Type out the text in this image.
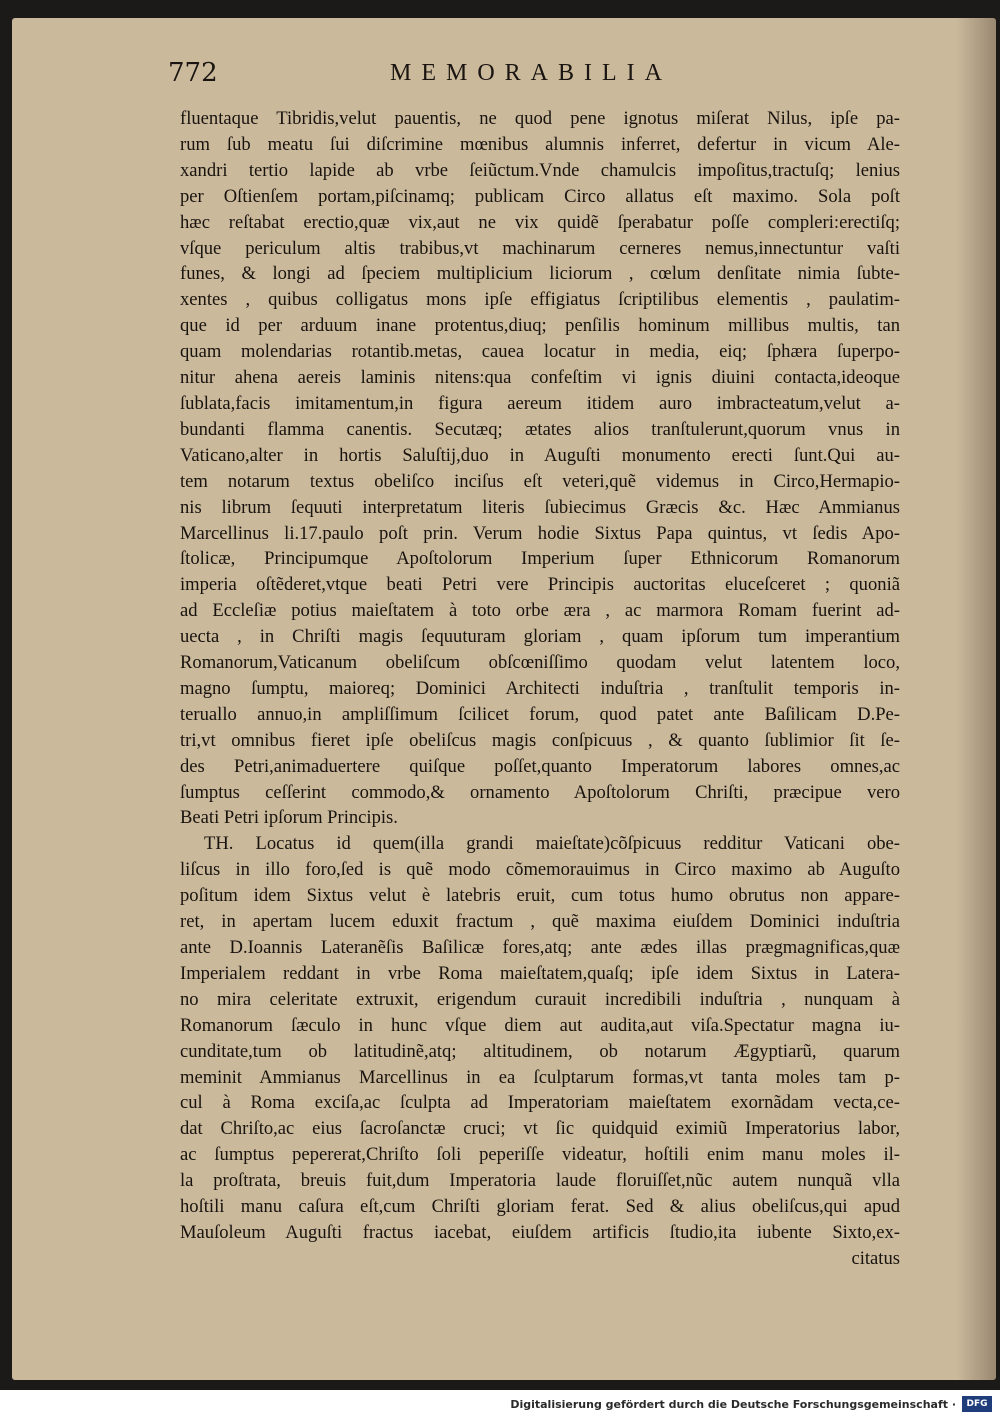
772	MEMORABILIA
fluentaque Tibridis,velut pauentis, ne quod pene ignotus miſerat Nilus, ipſe pa-
rum ſub meatu ſui diſcrimine mœnibus alumnis inferret, defertur in vicum Ale-
xandri tertio lapide ab vrbe ſeiũctum.Vnde chamulcis impoſitus,tractuſq; lenius
per Oſtienſem portam,piſcinamq; publicam Circo allatus eſt maximo. Sola poſt
hæc reſtabat erectio,quæ vix,aut ne vix quidẽ ſperabatur poſſe compleri:erectiſq;
vſque periculum altis trabibus,vt machinarum cerneres nemus,innectuntur vaſti
funes, & longi ad ſpeciem multiplicium liciorum , cœlum denſitate nimia ſubte-
xentes , quibus colligatus mons ipſe effigiatus ſcriptilibus elementis , paulatim-
que id per arduum inane protentus,diuq; penſilis hominum millibus multis, tan
quam molendarias rotantib.metas, cauea locatur in media, eiq; ſphæra ſuperpo-
nitur ahena aereis laminis nitens:qua confeſtim vi ignis diuini contacta,ideoque
ſublata,facis imitamentum,in figura aereum itidem auro imbracteatum,velut a-
bundanti flamma canentis. Secutæq; ætates alios tranſtulerunt,quorum vnus in
Vaticano,alter in hortis Saluſtij,duo in Auguſti monumento erecti ſunt.Qui au-
tem notarum textus obeliſco inciſus eſt veteri,quẽ videmus in Circo,Hermapio-
nis librum ſequuti interpretatum literis ſubiecimus Græcis &c. Hæc Ammianus
Marcellinus li.17.paulo poſt prin. Verum hodie Sixtus Papa quintus, vt ſedis Apo-
ſtolicæ, Principumque Apoſtolorum Imperium ſuper Ethnicorum Romanorum
imperia oſtẽderet,vtque beati Petri vere Principis auctoritas eluceſceret ; quoniã
ad Eccleſiæ potius maieſtatem à toto orbe æra , ac marmora Romam fuerint ad-
uecta , in Chriſti magis ſequuturam gloriam , quam ipſorum tum imperantium
Romanorum,Vaticanum obeliſcum obſcœniſſimo quodam velut latentem loco,
magno ſumptu, maioreq; Dominici Architecti induſtria , tranſtulit temporis in-
teruallo annuo,in ampliſſimum ſcilicet forum, quod patet ante Baſilicam D.Pe-
tri,vt omnibus fieret ipſe obeliſcus magis conſpicuus , & quanto ſublimior ſit ſe-
des Petri,animaduertere quiſque poſſet,quanto Imperatorum labores omnes,ac
ſumptus ceſſerint commodo,& ornamento Apoſtolorum Chriſti, præcipue vero
Beati Petri ipſorum Principis.
TH. Locatus id quem(illa grandi maieſtate)cõſpicuus redditur Vaticani obe-
liſcus in illo foro,ſed is quẽ modo cõmemorauimus in Circo maximo ab Auguſto
poſitum idem Sixtus velut è latebris eruit, cum totus humo obrutus non appare-
ret, in apertam lucem eduxit fractum , quẽ maxima eiuſdem Dominici induſtria
ante D.Ioannis Lateranẽſis Baſilicæ fores,atq; ante ædes illas prægmagnificas,quæ
Imperialem reddant in vrbe Roma maieſtatem,quaſq; ipſe idem Sixtus in Latera-
no mira celeritate extruxit, erigendum curauit incredibili induſtria , nunquam à
Romanorum ſæculo in hunc vſque diem aut audita,aut viſa.Spectatur magna iu-
cunditate,tum ob latitudinẽ,atq; altitudinem, ob notarum Ægyptiarũ, quarum
meminit Ammianus Marcellinus in ea ſculptarum formas,vt tanta moles tam p-
cul à Roma exciſa,ac ſculpta ad Imperatoriam maieſtatem exornãdam vecta,ce-
dat Chriſto,ac eius ſacroſanctæ cruci; vt ſic quidquid eximiũ Imperatorius labor,
ac ſumptus pepererat,Chriſto ſoli peperiſſe videatur, hoſtili enim manu moles il-
la proſtrata, breuis fuit,dum Imperatoria laude floruiſſet,nũc autem nunquã vlla
hoſtili manu caſura eſt,cum Chriſti gloriam ferat. Sed & alius obeliſcus,qui apud
Mauſoleum Auguſti fractus iacebat, eiuſdem artificis ſtudio,ita iubente Sixto,ex-
citatus
Digitalisierung gefördert durch die Deutsche Forschungsgemeinschaft ·	DFG
